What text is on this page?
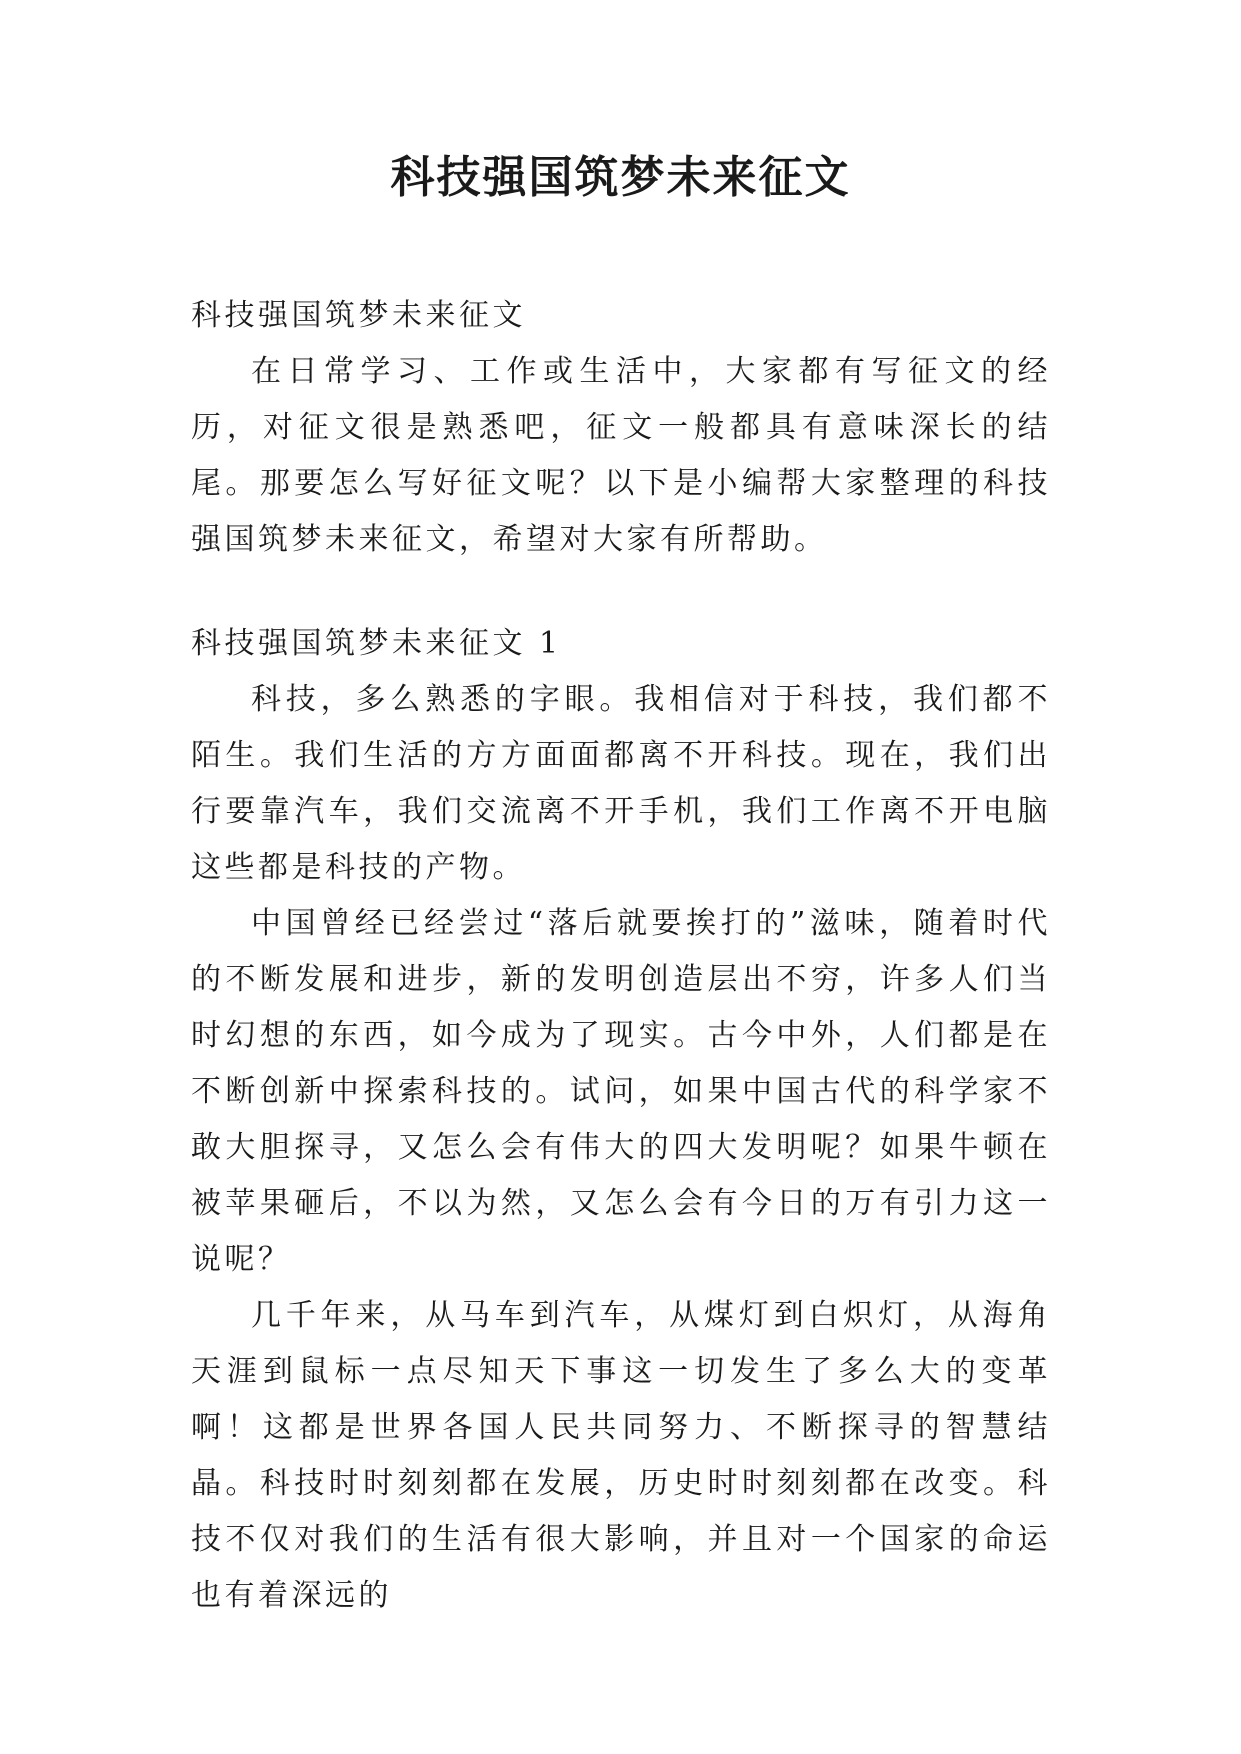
科技强国筑梦未来征文

科技强国筑梦未来征文

在日常学习、工作或生活中，大家都有写征文的经历，对征文很是熟悉吧，征文一般都具有意味深长的结尾。那要怎么写好征文呢？以下是小编帮大家整理的科技强国筑梦未来征文，希望对大家有所帮助。

科技强国筑梦未来征文 1

科技，多么熟悉的字眼。我相信对于科技，我们都不陌生。我们生活的方方面面都离不开科技。现在，我们出行要靠汽车，我们交流离不开手机，我们工作离不开电脑这些都是科技的产物。

中国曾经已经尝过“落后就要挨打的”滋味，随着时代的不断发展和进步，新的发明创造层出不穷，许多人们当时幻想的东西，如今成为了现实。古今中外，人们都是在不断创新中探索科技的。试问，如果中国古代的科学家不敢大胆探寻，又怎么会有伟大的四大发明呢？如果牛顿在被苹果砸后，不以为然，又怎么会有今日的万有引力这一说呢？

几千年来，从马车到汽车，从煤灯到白炽灯，从海角天涯到鼠标一点尽知天下事这一切发生了多么大的变革啊！这都是世界各国人民共同努力、不断探寻的智慧结晶。科技时时刻刻都在发展，历史时时刻刻都在改变。科技不仅对我们的生活有很大影响，并且对一个国家的命运也有着深远的
